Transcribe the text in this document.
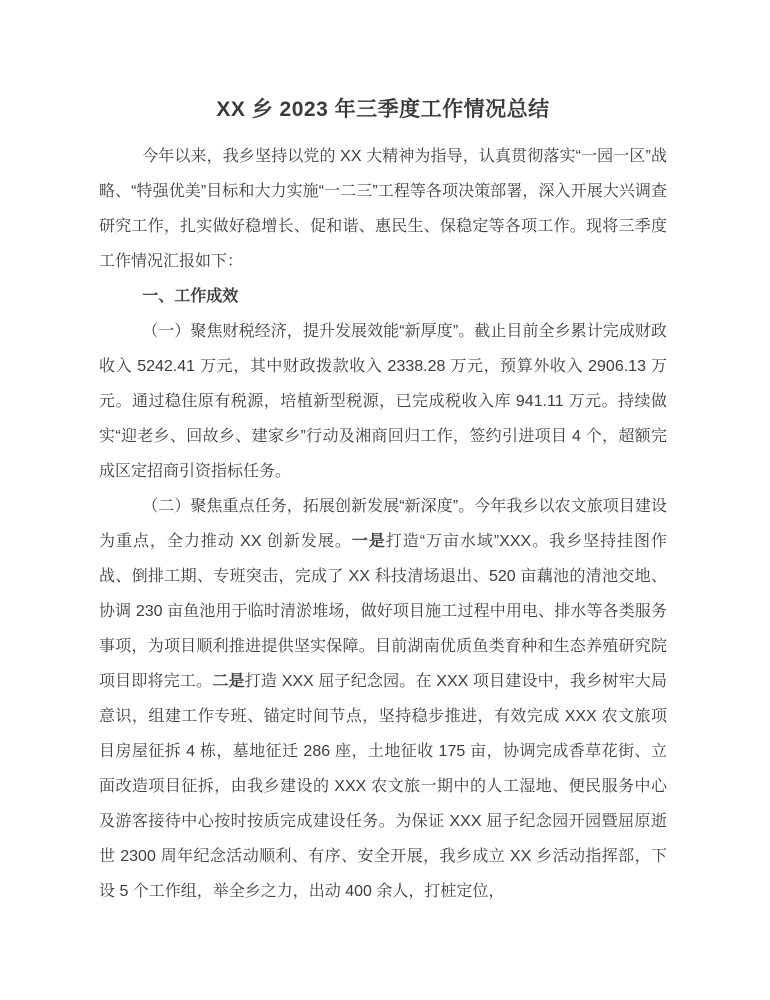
XX 乡 2023 年三季度工作情况总结

今年以来，我乡坚持以党的 XX 大精神为指导，认真贯彻落实“一园一区”战略、“特强优美”目标和大力实施“一二三”工程等各项决策部署，深入开展大兴调查研究工作，扎实做好稳增长、促和谐、惠民生、保稳定等各项工作。现将三季度工作情况汇报如下：

一、工作成效

（一）聚焦财税经济，提升发展效能“新厚度”。截止目前全乡累计完成财政收入 5242.41 万元，其中财政拨款收入 2338.28 万元，预算外收入 2906.13 万元。通过稳住原有税源，培植新型税源，已完成税收入库 941.11 万元。持续做实“迎老乡、回故乡、建家乡”行动及湘商回归工作，签约引进项目 4 个，超额完成区定招商引资指标任务。

（二）聚焦重点任务，拓展创新发展“新深度”。今年我乡以农文旅项目建设为重点，全力推动 XX 创新发展。一是打造“万亩水域”XXX。我乡坚持挂图作战、倒排工期、专班突击，完成了 XX 科技清场退出、520 亩藕池的清池交地、协调 230 亩鱼池用于临时清淤堆场，做好项目施工过程中用电、排水等各类服务事项，为项目顺利推进提供坚实保障。目前湖南优质鱼类育种和生态养殖研究院项目即将完工。二是打造 XXX 屈子纪念园。在 XXX 项目建设中，我乡树牢大局意识，组建工作专班、锚定时间节点，坚持稳步推进，有效完成 XXX 农文旅项目房屋征拆 4 栋，墓地征迁 286 座，土地征收 175 亩，协调完成香草花街、立面改造项目征拆，由我乡建设的 XXX 农文旅一期中的人工湿地、便民服务中心及游客接待中心按时按质完成建设任务。为保证 XXX 屈子纪念园开园暨屈原逝世 2300 周年纪念活动顺利、有序、安全开展，我乡成立 XX 乡活动指挥部，下设 5 个工作组，举全乡之力，出动 400 余人，打桩定位，
